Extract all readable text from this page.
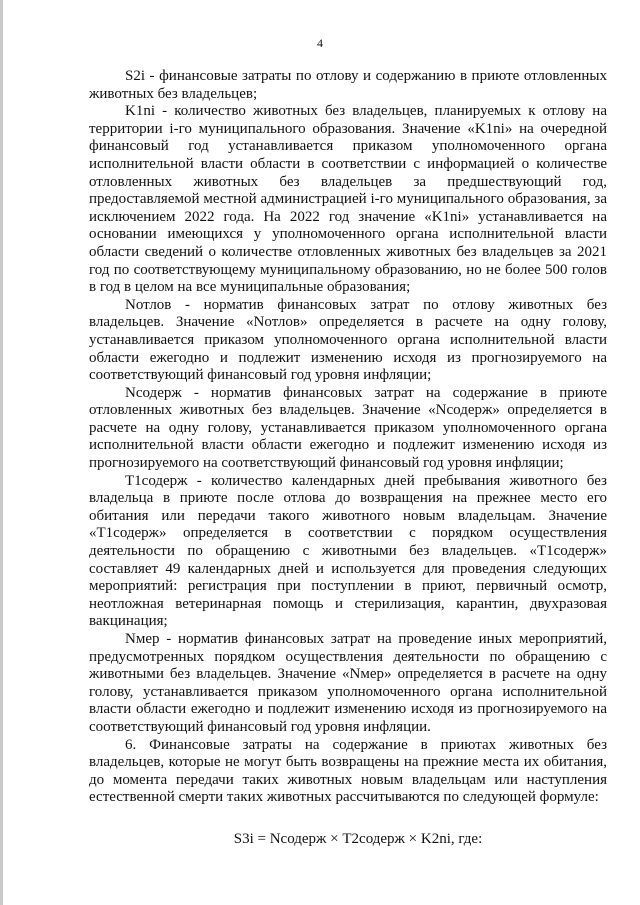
4

S2i - финансовые затраты по отлову и содержанию в приюте отловленных животных без владельцев;

K1ni - количество животных без владельцев, планируемых к отлову на территории i-го муниципального образования. Значение «K1ni» на очередной финансовый год устанавливается приказом уполномоченного органа исполнительной власти области в соответствии с информацией о количестве отловленных животных без владельцев за предшествующий год, предоставляемой местной администрацией i-го муниципального образования, за исключением 2022 года. На 2022 год значение «K1ni» устанавливается на основании имеющихся у уполномоченного органа исполнительной власти области сведений о количестве отловленных животных без владельцев за 2021 год по соответствующему муниципальному образованию, но не более 500 голов в год в целом на все муниципальные образования;

Nотлов - норматив финансовых затрат по отлову животных без владельцев. Значение «Nотлов» определяется в расчете на одну голову, устанавливается приказом уполномоченного органа исполнительной власти области ежегодно и подлежит изменению исходя из прогнозируемого на соответствующий финансовый год уровня инфляции;

Nсодерж - норматив финансовых затрат на содержание в приюте отловленных животных без владельцев. Значение «Nсодерж» определяется в расчете на одну голову, устанавливается приказом уполномоченного органа исполнительной власти области ежегодно и подлежит изменению исходя из прогнозируемого на соответствующий финансовый год уровня инфляции;

T1содерж - количество календарных дней пребывания животного без владельца в приюте после отлова до возвращения на прежнее место его обитания или передачи такого животного новым владельцам. Значение «T1содерж» определяется в соответствии с порядком осуществления деятельности по обращению с животными без владельцев. «T1содерж» составляет 49 календарных дней и используется для проведения следующих мероприятий: регистрация при поступлении в приют, первичный осмотр, неотложная ветеринарная помощь и стерилизация, карантин, двухразовая вакцинация;

Nмер - норматив финансовых затрат на проведение иных мероприятий, предусмотренных порядком осуществления деятельности по обращению с животными без владельцев. Значение «Nмер» определяется в расчете на одну голову, устанавливается приказом уполномоченного органа исполнительной власти области ежегодно и подлежит изменению исходя из прогнозируемого на соответствующий финансовый год уровня инфляции.

6. Финансовые затраты на содержание в приютах животных без владельцев, которые не могут быть возвращены на прежние места их обитания, до момента передачи таких животных новым владельцам или наступления естественной смерти таких животных рассчитываются по следующей формуле:

S3i = Nсодерж × T2содерж × K2ni, где:
